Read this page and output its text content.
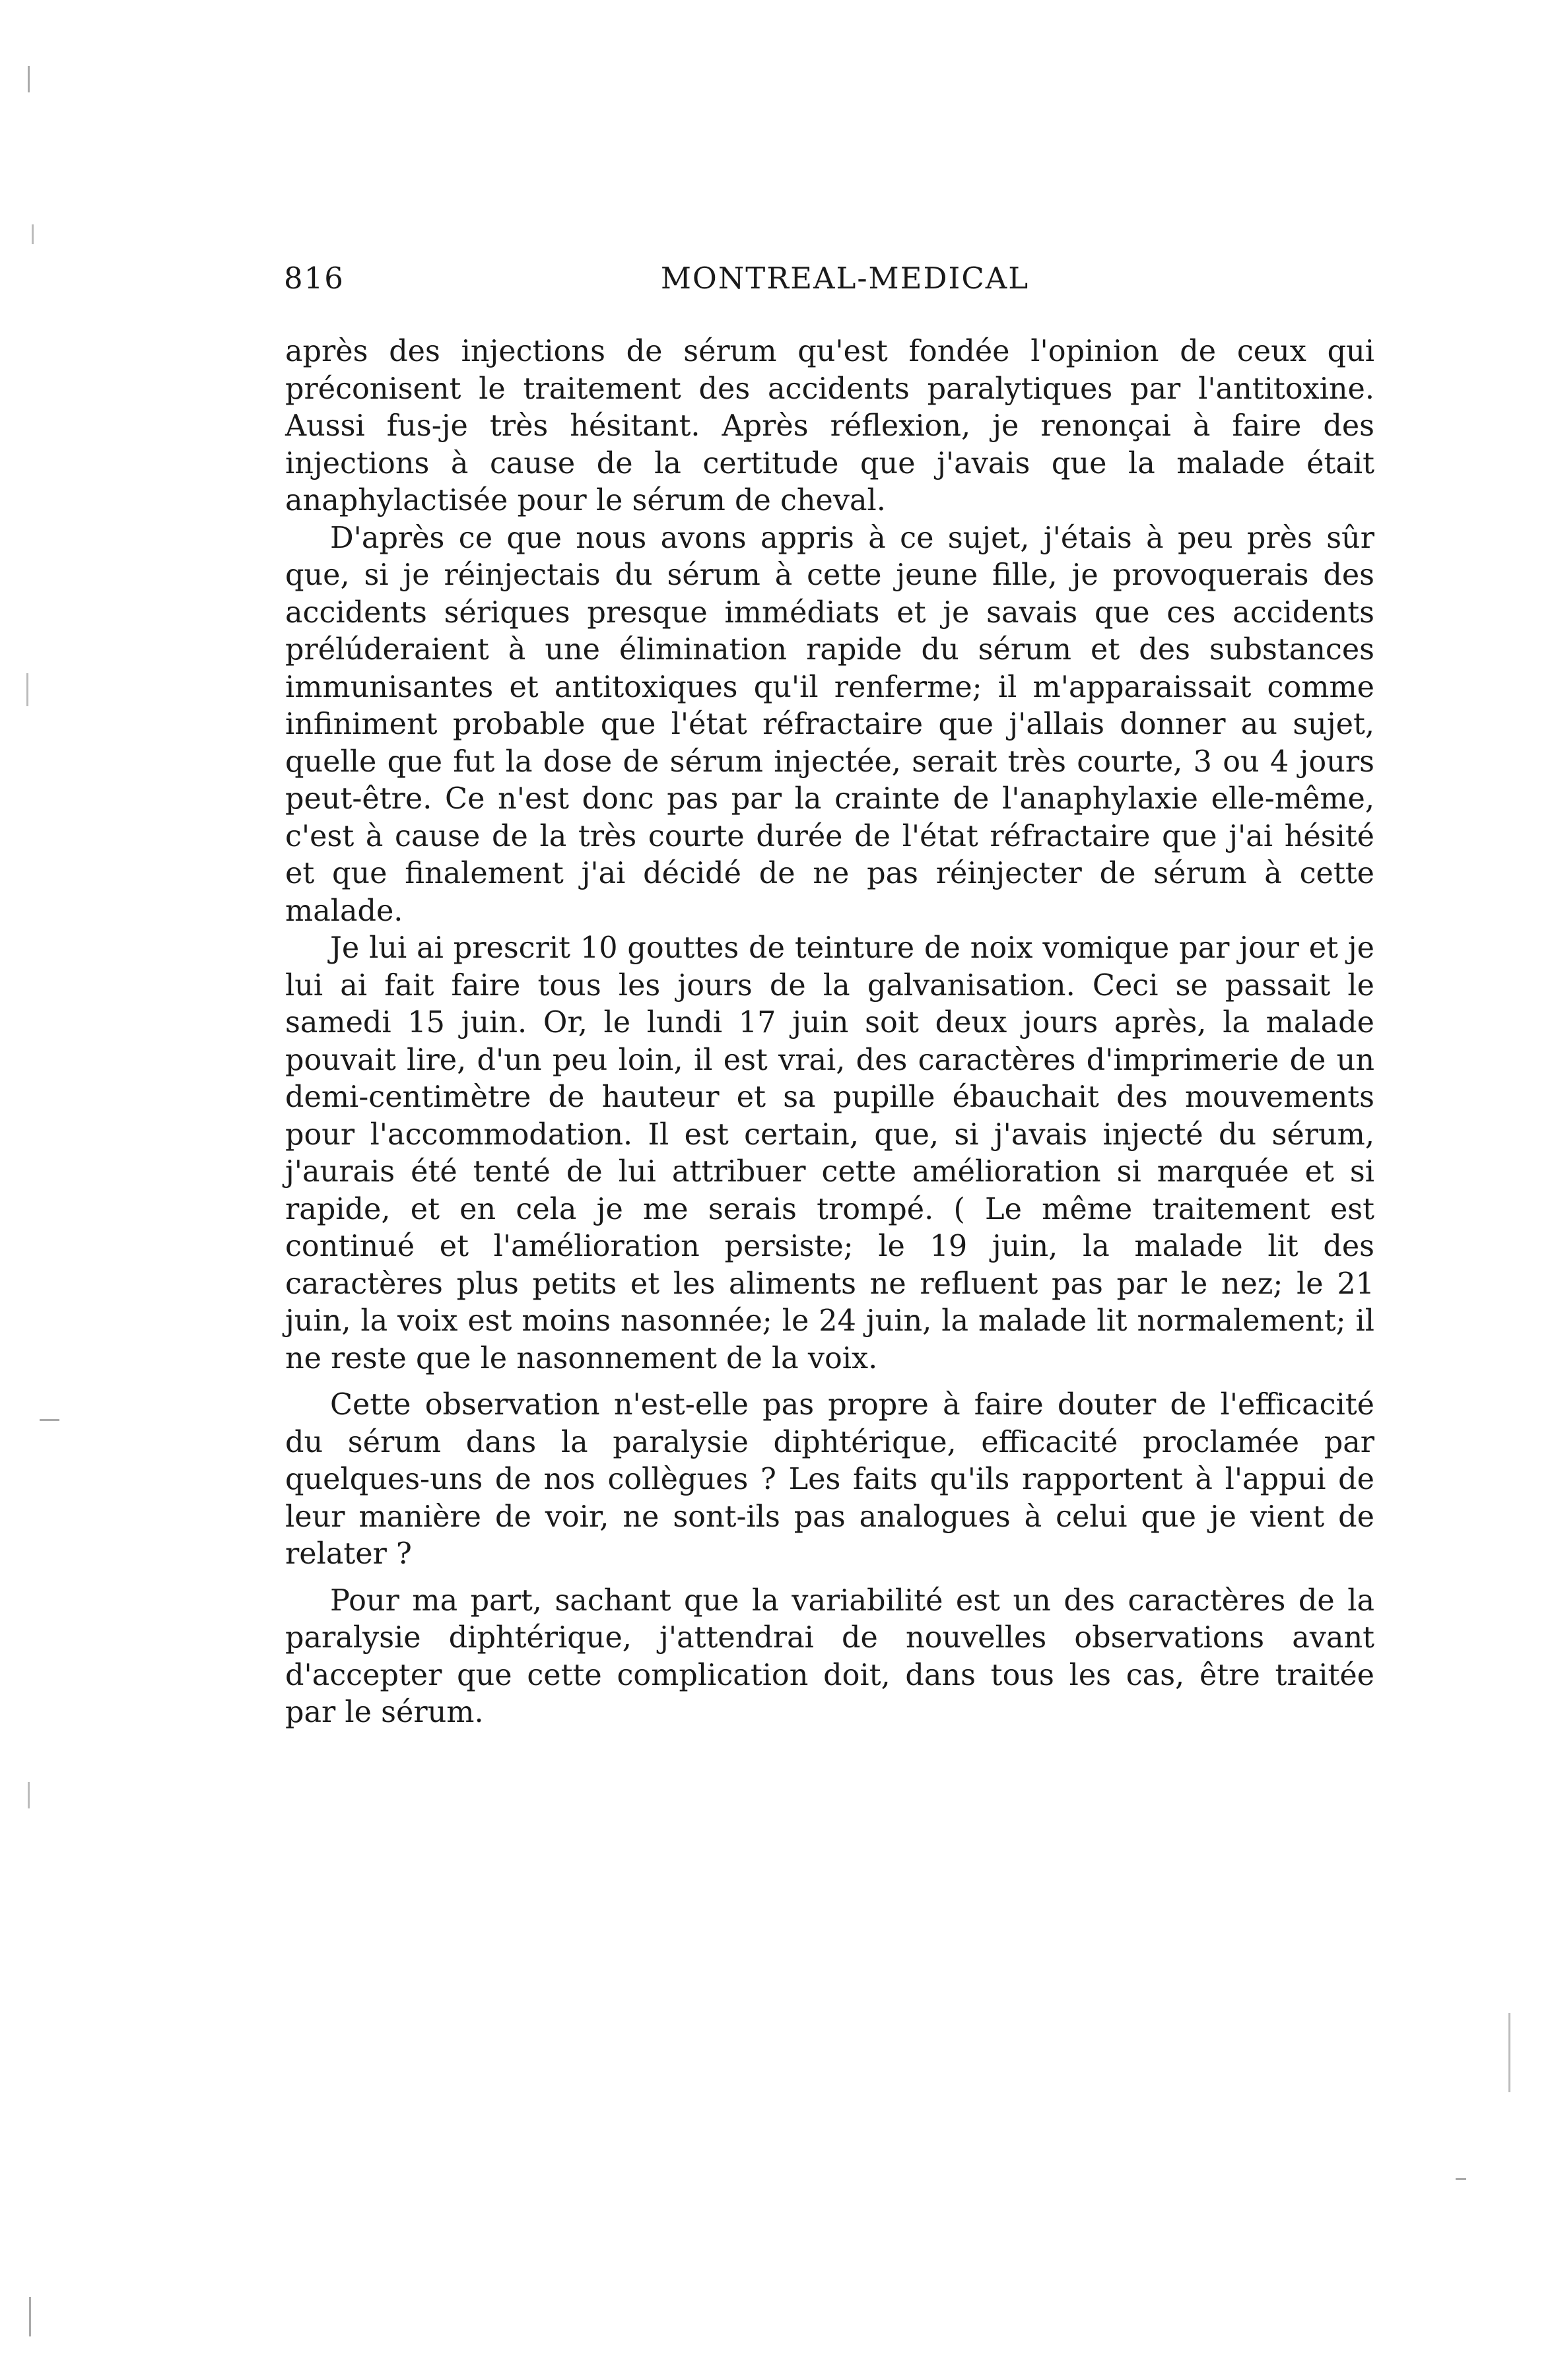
816	MONTREAL-MEDICAL

après des injections de sérum qu'est fondée l'opinion de ceux qui préconisent le traitement des accidents paralytiques par l'antitoxine. Aussi fus-je très hésitant. Après réflexion, je renonçai à faire des injections à cause de la certitude que j'avais que la malade était anaphylactisée pour le sérum de cheval.

D'après ce que nous avons appris à ce sujet, j'étais à peu près sûr que, si je réinjectais du sérum à cette jeune fille, je provoquerais des accidents sériques presque immédiats et je savais que ces accidents prélúderaient à une élimination rapide du sérum et des substances immunisantes et antitoxiques qu'il renferme; il m'apparaissait comme infiniment probable que l'état réfractaire que j'allais donner au sujet, quelle que fut la dose de sérum injectée, serait très courte, 3 ou 4 jours peut-être. Ce n'est donc pas par la crainte de l'anaphylaxie elle-même, c'est à cause de la très courte durée de l'état réfractaire que j'ai hésité et que finalement j'ai décidé de ne pas réinjecter de sérum à cette malade.

Je lui ai prescrit 10 gouttes de teinture de noix vomique par jour et je lui ai fait faire tous les jours de la galvanisation. Ceci se passait le samedi 15 juin. Or, le lundi 17 juin soit deux jours après, la malade pouvait lire, d'un peu loin, il est vrai, des caractères d'imprimerie de un demi-centimètre de hauteur et sa pupille ébauchait des mouvements pour l'accommodation. Il est certain, que, si j'avais injecté du sérum, j'aurais été tenté de lui attribuer cette amélioration si marquée et si rapide, et en cela je me serais trompé. ( Le même traitement est continué et l'amélioration persiste; le 19 juin, la malade lit des caractères plus petits et les aliments ne refluent pas par le nez; le 21 juin, la voix est moins nasonnée; le 24 juin, la malade lit normalement; il ne reste que le nasonnement de la voix.

Cette observation n'est-elle pas propre à faire douter de l'efficacité du sérum dans la paralysie diphtérique, efficacité proclamée par quelques-uns de nos collègues ? Les faits qu'ils rapportent à l'appui de leur manière de voir, ne sont-ils pas analogues à celui que je vient de relater ?

Pour ma part, sachant que la variabilité est un des caractères de la paralysie diphtérique, j'attendrai de nouvelles observations avant d'accepter que cette complication doit, dans tous les cas, être traitée par le sérum.
